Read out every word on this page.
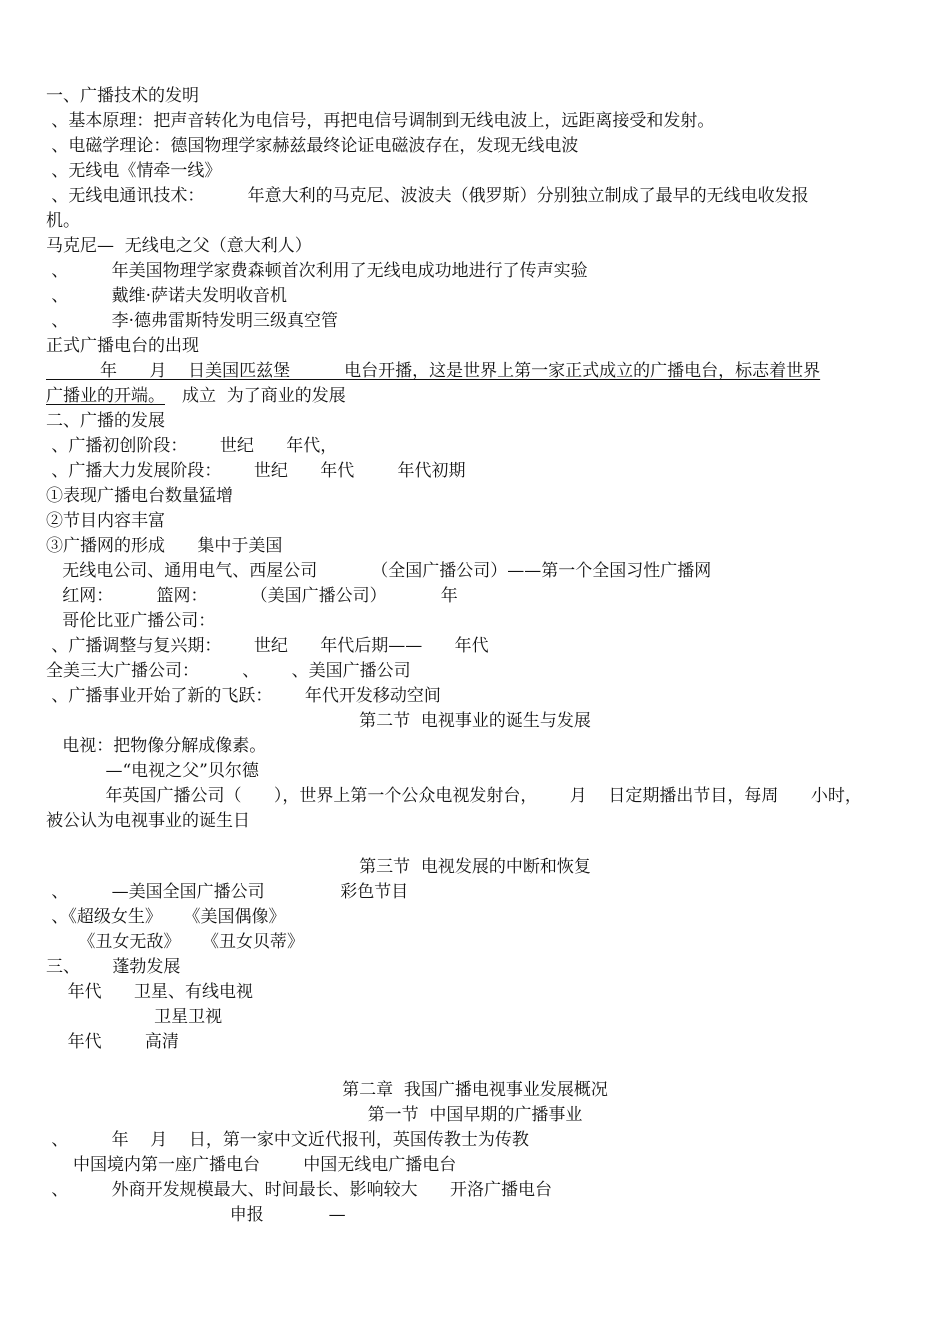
一、广播技术的发明
、基本原理：把声音转化为电信号，再把电信号调制到无线电波上，远距离接受和发射。
、电磁学理论：德国物理学家赫兹最终论证电磁波存在，发现无线电波
、无线电《情牵一线》
、无线电通讯技术：        年意大利的马克尼、波波夫（俄罗斯）分别独立制成了最早的无线电收发报
机。
马克尼—  无线电之父（意大利人）
、        年美国物理学家费森顿首次利用了无线电成功地进行了传声实验
、        戴维·萨诺夫发明收音机
、        李·德弗雷斯特发明三级真空管
正式广播电台的出现
年      月    日美国匹兹堡          电台开播，这是世界上第一家正式成立的广播电台，标志着世界
广播业的开端。 成立  为了商业的发展
二、广播的发展
、广播初创阶段：      世纪      年代，
、广播大力发展阶段：      世纪      年代        年代初期
①表现广播电台数量猛增
②节目内容丰富
③广播网的形成      集中于美国
无线电公司、通用电气、西屋公司          （全国广播公司）——第一个全国习性广播网
红网：        篮网：        （美国广播公司）          年
哥伦比亚广播公司：
、广播调整与复兴期：      世纪      年代后期——      年代
全美三大广播公司：        、      、美国广播公司
、广播事业开始了新的飞跃：      年代开发移动空间
第二节  电视事业的诞生与发展
电视：把物像分解成像素。
—“电视之父”贝尔德
年英国广播公司（      ），世界上第一个公众电视发射台，      月    日定期播出节目，每周      小时，
被公认为电视事业的诞生日
第三节  电视发展的中断和恢复
、        —美国全国广播公司              彩色节目
、《超级女生》    《美国偶像》
《丑女无敌》    《丑女贝蒂》
三、      蓬勃发展
年代      卫星、有线电视
卫星卫视
年代        高清
第二章  我国广播电视事业发展概况
第一节  中国早期的广播事业
、        年    月    日，第一家中文近代报刊，英国传教士为传教
中国境内第一座广播电台        中国无线电广播电台
、        外商开发规模最大、时间最长、影响较大      开洛广播电台
申报            —
